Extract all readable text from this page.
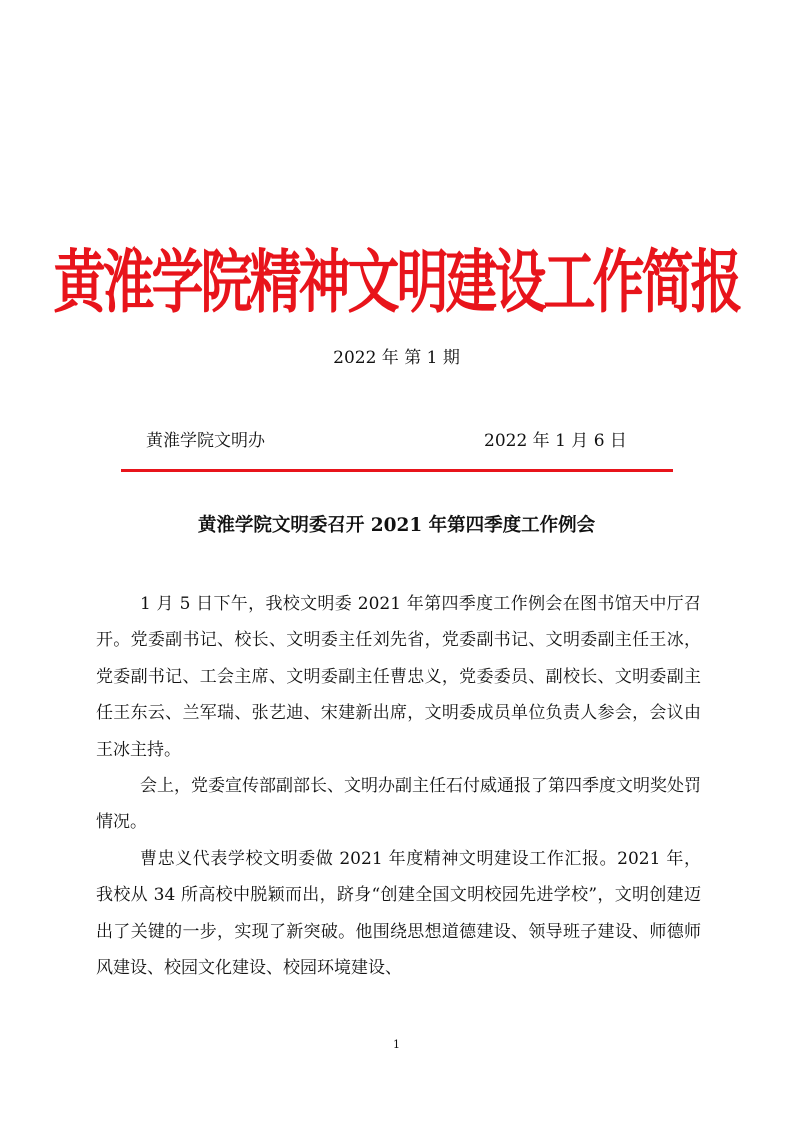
黄淮学院精神文明建设工作简报
2022 年 第 1 期
黄淮学院文明办	2022 年 1 月 6 日
黄淮学院文明委召开 2021 年第四季度工作例会

1 月 5 日下午，我校文明委 2021 年第四季度工作例会在图书馆天中厅召开。党委副书记、校长、文明委主任刘先省，党委副书记、文明委副主任王冰，党委副书记、工会主席、文明委副主任曹忠义，党委委员、副校长、文明委副主任王东云、兰军瑞、张艺迪、宋建新出席，文明委成员单位负责人参会，会议由王冰主持。

会上，党委宣传部副部长、文明办副主任石付威通报了第四季度文明奖处罚情况。

曹忠义代表学校文明委做 2021 年度精神文明建设工作汇报。2021 年，我校从 34 所高校中脱颖而出，跻身“创建全国文明校园先进学校”，文明创建迈出了关键的一步，实现了新突破。他围绕思想道德建设、领导班子建设、师德师风建设、校园文化建设、校园环境建设、

1
